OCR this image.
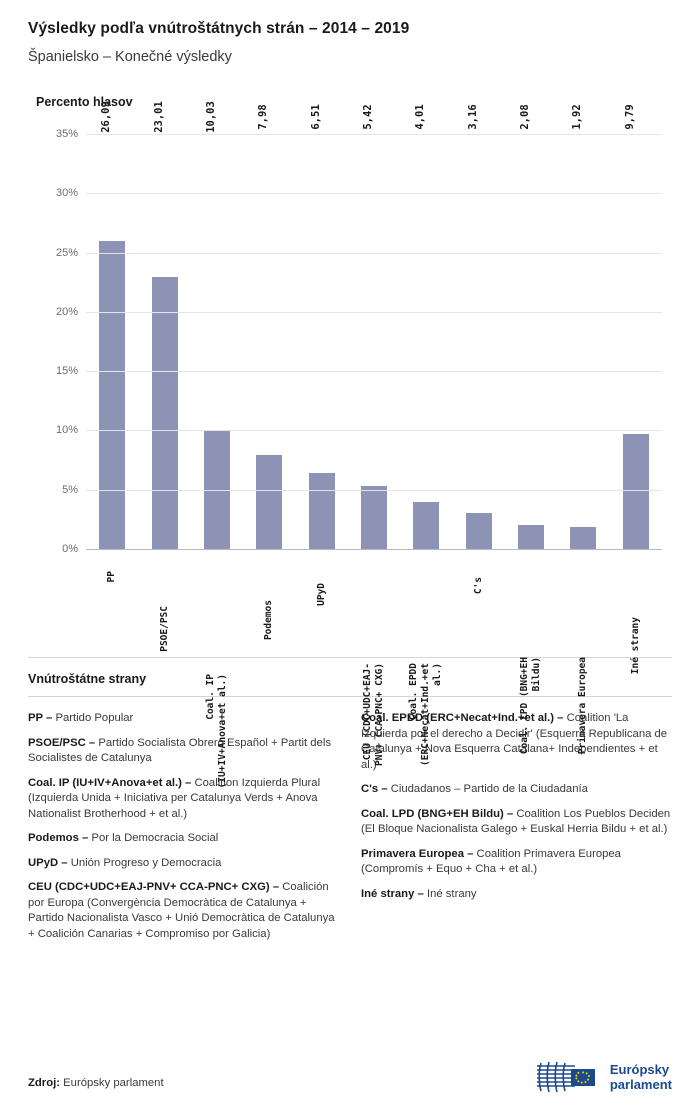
Výsledky podľa vnútroštátnych strán – 2014 – 2019
Španielsko – Konečné výsledky
Percento hlasov
26,09	23,01	10,03	7,98	6,51	5,42	4,01	3,16	2,08	1,92	9,79
0%
5%
10%
15%
20%
25%
30%
35%
PP
PSOE/PSC
Coal. IP (IU+IV+Anova+et al.)
Podemos
UPyD
CEU (CDC+UDC+EAJ- PNV+ CCA-PNC+ CXG) Coal. EPDD (ERC+Necat+Ind.+et al.)
C's
Coal. LPD (BNG+EH Bildu)	Primavera Europea
Iné strany
Vnútroštátne strany
PP – Partido Popular
PSOE/PSC – Partido Socialista Obrero Español + Partit dels Socialistes de Catalunya
Coal. IP (IU+IV+Anova+et al.) – Coalition Izquierda Plural (Izquierda Unida + Iniciativa per Catalunya Verds + Anova Nationalist Brotherhood + et al.)
Podemos – Por la Democracia Social
UPyD – Unión Progreso y Democracia
CEU (CDC+UDC+EAJ-PNV+ CCA-PNC+ CXG) – Coalición por Europa (Convergència Democràtica de Catalunya + Partido Nacionalista Vasco + Unió Democràtica de Catalunya + Coalición Canarias + Compromiso por Galicia)
Coal. EPDD (ERC+Necat+Ind.+et al.) – Coalition 'La Izquierda por el derecho a Decidir' (Esquerra Republicana de Catalunya + Nova Esquerra Catalana+ Independientes + et al.)
C's – Ciudadanos – Partido de la Ciudadanía
Coal. LPD (BNG+EH Bildu) – Coalition Los Pueblos Deciden (El Bloque Nacionalista Galego + Euskal Herria Bildu + et al.)
Primavera Europea – Coalition Primavera Europea (Compromís + Equo + Cha + et al.)
Iné strany – Iné strany
Zdroj: Európsky parlament
Európsky
parlament
